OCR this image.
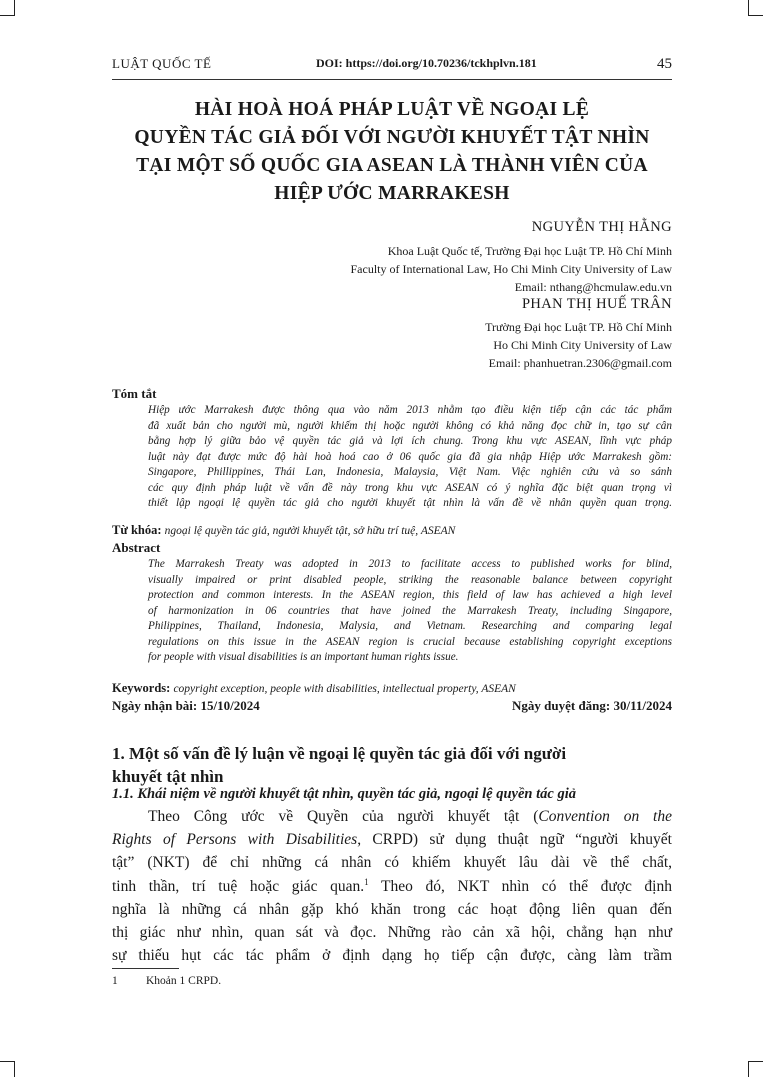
LUẬT QUỐC TẾ	DOI: https://doi.org/10.70236/tckhplvn.181	45
HÀI HOÀ HOÁ PHÁP LUẬT VỀ NGOẠI LỆ
QUYỀN TÁC GIẢ ĐỐI VỚI NGƯỜI KHUYẾT TẬT NHÌN
TẠI MỘT SỐ QUỐC GIA ASEAN LÀ THÀNH VIÊN CỦA
HIỆP ƯỚC MARRAKESH
NGUYỄN THỊ HẰNG
Khoa Luật Quốc tế, Trường Đại học Luật TP. Hồ Chí Minh
Faculty of International Law, Ho Chi Minh City University of Law
Email: nthang@hcmulaw.edu.vn
PHAN THỊ HUẾ TRÂN
Trường Đại học Luật TP. Hồ Chí Minh
Ho Chi Minh City University of Law
Email: phanhuetran.2306@gmail.com
Tóm tắt
Hiệp ước Marrakesh được thông qua vào năm 2013 nhằm tạo điều kiện tiếp cận các tác phẩm
đã xuất bản cho người mù, người khiếm thị hoặc người không có khả năng đọc chữ in, tạo sự cân
bằng hợp lý giữa bảo vệ quyền tác giả và lợi ích chung. Trong khu vực ASEAN, lĩnh vực pháp
luật này đạt được mức độ hài hoà hoá cao ở 06 quốc gia đã gia nhập Hiệp ước Marrakesh gồm:
Singapore, Phillippines, Thái Lan, Indonesia, Malaysia, Việt Nam. Việc nghiên cứu và so sánh
các quy định pháp luật về vấn đề này trong khu vực ASEAN có ý nghĩa đặc biệt quan trọng vì
thiết lập ngoại lệ quyền tác giả cho người khuyết tật nhìn là vấn đề về nhân quyền quan trọng.
Từ khóa: ngoại lệ quyền tác giả, người khuyết tật, sở hữu trí tuệ, ASEAN
Abstract
The Marrakesh Treaty was adopted in 2013 to facilitate access to published works for blind,
visually impaired or print disabled people, striking the reasonable balance between copyright
protection and common interests. In the ASEAN region, this field of law has achieved a high level
of harmonization in 06 countries that have joined the Marrakesh Treaty, including Singapore,
Philippines, Thailand, Indonesia, Malysia, and Vietnam. Researching and comparing legal
regulations on this issue in the ASEAN region is crucial because establishing copyright exceptions
for people with visual disabilities is an important human rights issue.
Keywords: copyright exception, people with disabilities, intellectual property, ASEAN
Ngày nhận bài: 15/10/2024	Ngày duyệt đăng: 30/11/2024
1. Một số vấn đề lý luận về ngoại lệ quyền tác giả đối với người
khuyết tật nhìn
1.1. Khái niệm về người khuyết tật nhìn, quyền tác giả, ngoại lệ quyền tác giả
Theo Công ước về Quyền của người khuyết tật (Convention on the
Rights of Persons with Disabilities, CRPD) sử dụng thuật ngữ “người khuyết
tật” (NKT) để chỉ những cá nhân có khiếm khuyết lâu dài về thể chất,
tinh thần, trí tuệ hoặc giác quan.$^1$ Theo đó, NKT nhìn có thể được định
nghĩa là những cá nhân gặp khó khăn trong các hoạt động liên quan đến
thị giác như nhìn, quan sát và đọc. Những rào cản xã hội, chẳng hạn như
sự thiếu hụt các tác phẩm ở định dạng họ tiếp cận được, càng làm trầm
1 Khoản 1 CRPD.
